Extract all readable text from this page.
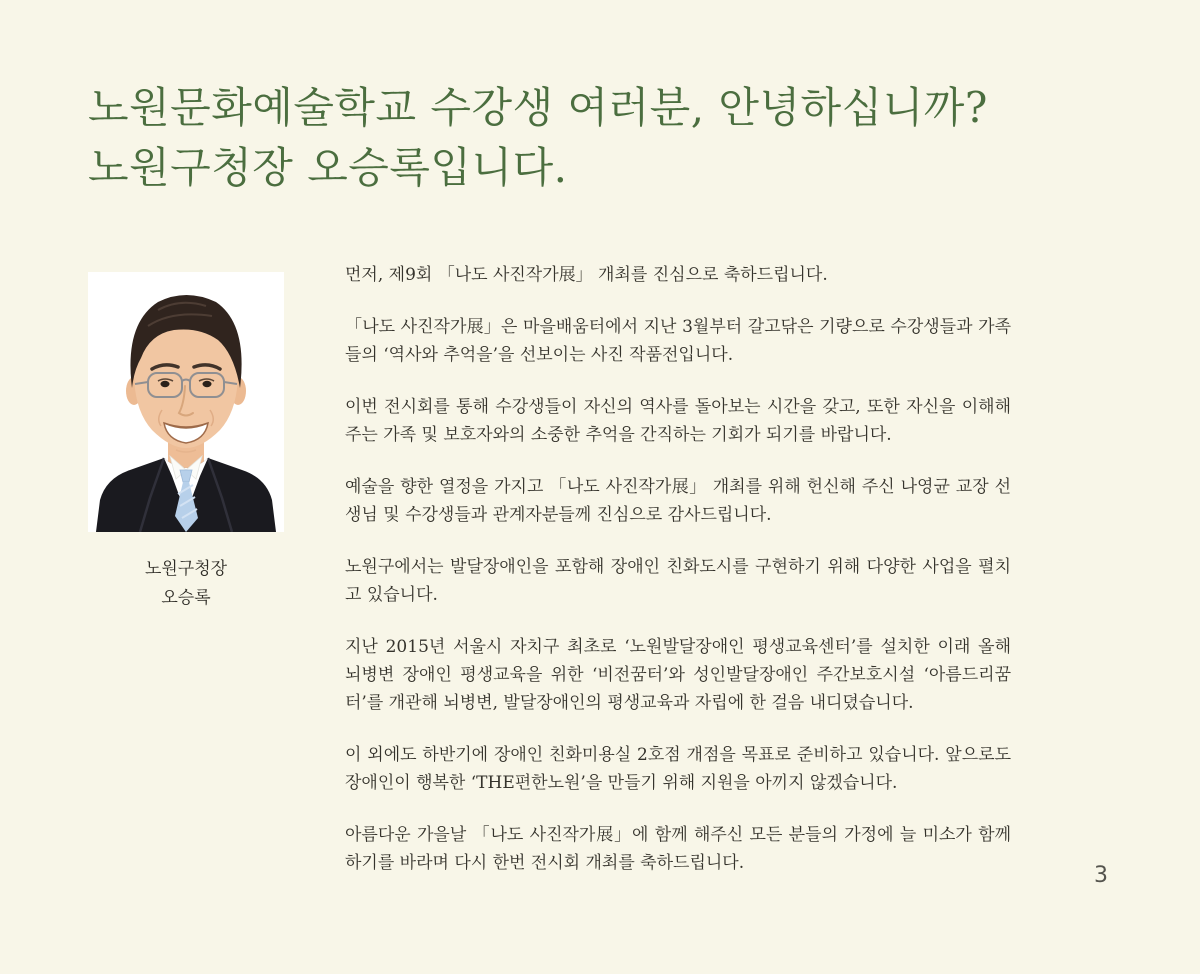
노원문화예술학교 수강생 여러분, 안녕하십니까?
노원구청장 오승록입니다.
노원구청장
오승록

먼저, 제9회 「나도 사진작가展」 개최를 진심으로 축하드립니다.

「나도 사진작가展」은 마을배움터에서 지난 3월부터 갈고닦은 기량으로 수강생들과 가족들의 ‘역사와 추억을’을 선보이는 사진 작품전입니다.

이번 전시회를 통해 수강생들이 자신의 역사를 돌아보는 시간을 갖고, 또한 자신을 이해해 주는 가족 및 보호자와의 소중한 추억을 간직하는 기회가 되기를 바랍니다.

예술을 향한 열정을 가지고 「나도 사진작가展」 개최를 위해 헌신해 주신 나영균 교장 선생님 및 수강생들과 관계자분들께 진심으로 감사드립니다.

노원구에서는 발달장애인을 포함해 장애인 친화도시를 구현하기 위해 다양한 사업을 펼치고 있습니다.

지난 2015년 서울시 자치구 최초로 ‘노원발달장애인 평생교육센터’를 설치한 이래 올해 뇌병변 장애인 평생교육을 위한 ‘비전꿈터’와 성인발달장애인 주간보호시설 ‘아름드리꿈터’를 개관해 뇌병변, 발달장애인의 평생교육과 자립에 한 걸음 내디뎠습니다.

이 외에도 하반기에 장애인 친화미용실 2호점 개점을 목표로 준비하고 있습니다. 앞으로도 장애인이 행복한 ‘THE편한노원’을 만들기 위해 지원을 아끼지 않겠습니다.

아름다운 가을날 「나도 사진작가展」에 함께 해주신 모든 분들의 가정에 늘 미소가 함께 하기를 바라며 다시 한번 전시회 개최를 축하드립니다.	3
